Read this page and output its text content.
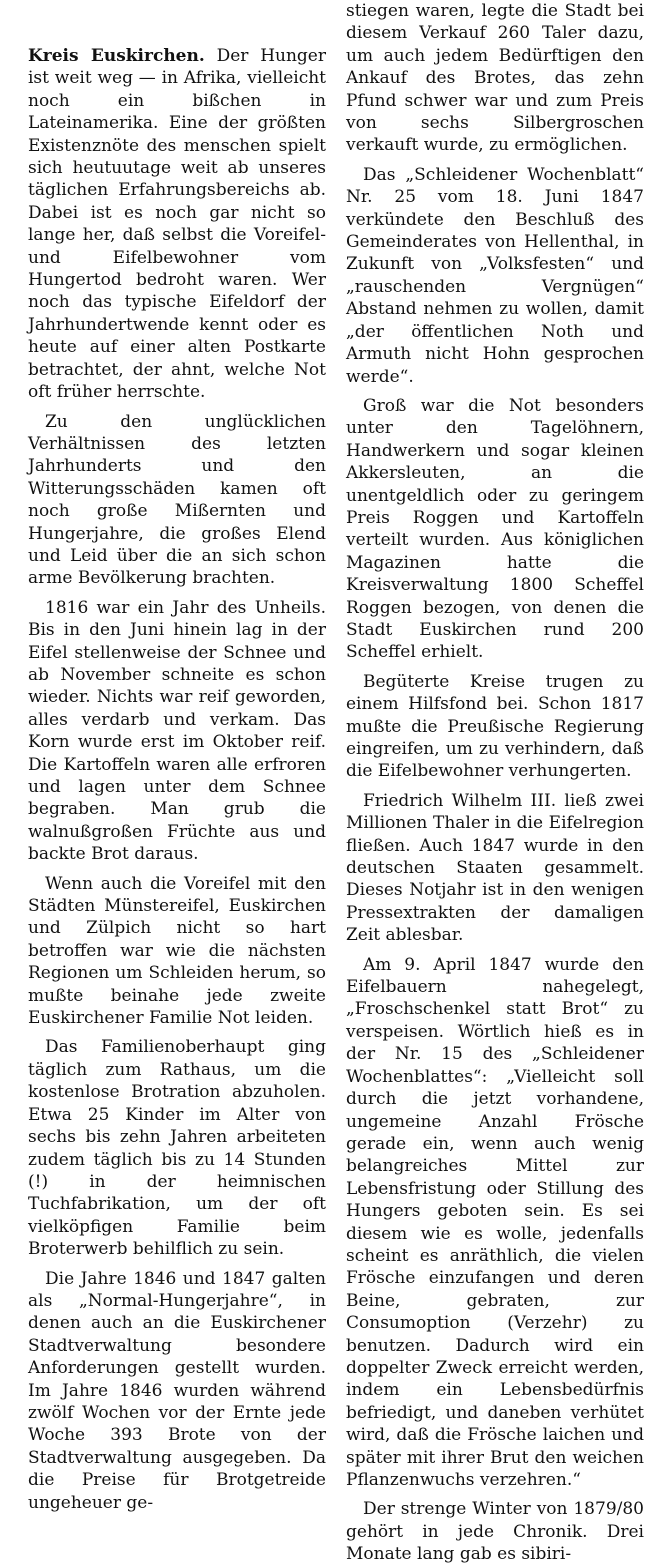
Kreis Euskirchen. Der Hunger ist weit weg — in Afrika, vielleicht noch ein bißchen in Lateinamerika. Eine der größten Existenznöte des menschen spielt sich heutuutage weit ab unseres täglichen Erfahrungsbereichs ab. Dabei ist es noch gar nicht so lange her, daß selbst die Voreifel- und Eifelbewohner vom Hungertod bedroht waren. Wer noch das typische Eifeldorf der Jahrhundertwende kennt oder es heute auf einer alten Postkarte betrachtet, der ahnt, welche Not oft früher herrschte.

Zu den unglücklichen Verhältnissen des letzten Jahrhunderts und den Witterungsschäden kamen oft noch große Mißernten und Hungerjahre, die großes Elend und Leid über die an sich schon arme Bevölkerung brachten.

1816 war ein Jahr des Unheils. Bis in den Juni hinein lag in der Eifel stellenweise der Schnee und ab November schneite es schon wieder. Nichts war reif geworden, alles verdarb und verkam. Das Korn wurde erst im Oktober reif. Die Kartoffeln waren alle erfroren und lagen unter dem Schnee begraben. Man grub die walnußgroßen Früchte aus und backte Brot daraus.

Wenn auch die Voreifel mit den Städten Münstereifel, Euskirchen und Zülpich nicht so hart betroffen war wie die nächsten Regionen um Schleiden herum, so mußte beinahe jede zweite Euskirchener Familie Not leiden.

Das Familienoberhaupt ging täglich zum Rathaus, um die kostenlose Brotration abzuholen. Etwa 25 Kinder im Alter von sechs bis zehn Jahren arbeiteten zudem täglich bis zu 14 Stunden (!) in der heimnischen Tuchfabrikation, um der oft vielköpfigen Familie beim Broterwerb behilflich zu sein.

Die Jahre 1846 und 1847 galten als „Normal-Hungerjahre“, in denen auch an die Euskirchener Stadtverwaltung besondere Anforderungen gestellt wurden. Im Jahre 1846 wurden während zwölf Wochen vor der Ernte jede Woche 393 Brote von der Stadtverwaltung ausgegeben. Da die Preise für Brotgetreide ungeheuer ge-

stiegen waren, legte die Stadt bei diesem Verkauf 260 Taler dazu, um auch jedem Bedürftigen den Ankauf des Brotes, das zehn Pfund schwer war und zum Preis von sechs Silbergroschen verkauft wurde, zu ermöglichen.

Das „Schleidener Wochenblatt“ Nr. 25 vom 18. Juni 1847 verkündete den Beschluß des Gemeinderates von Hellenthal, in Zukunft von „Volksfesten“ und „rauschenden Vergnügen“ Abstand nehmen zu wollen, damit „der öffentlichen Noth und Armuth nicht Hohn gesprochen werde“.

Groß war die Not besonders unter den Tagelöhnern, Handwerkern und sogar kleinen Akkersleuten, an die unentgeldlich oder zu geringem Preis Roggen und Kartoffeln verteilt wurden. Aus königlichen Magazinen hatte die Kreisverwaltung 1800 Scheffel Roggen bezogen, von denen die Stadt Euskirchen rund 200 Scheffel erhielt.

Begüterte Kreise trugen zu einem Hilfsfond bei. Schon 1817 mußte die Preußische Regierung eingreifen, um zu verhindern, daß die Eifelbewohner verhungerten.

Friedrich Wilhelm III. ließ zwei Millionen Thaler in die Eifelregion fließen. Auch 1847 wurde in den deutschen Staaten gesammelt. Dieses Notjahr ist in den wenigen Pressextrakten der damaligen Zeit ablesbar.

Am 9. April 1847 wurde den Eifelbauern nahegelegt, „Froschschenkel statt Brot“ zu verspeisen. Wörtlich hieß es in der Nr. 15 des „Schleidener Wochenblattes“: „Vielleicht soll durch die jetzt vorhandene, ungemeine Anzahl Frösche gerade ein, wenn auch wenig belangreiches Mittel zur Lebensfristung oder Stillung des Hungers geboten sein. Es sei diesem wie es wolle, jedenfalls scheint es anräthlich, die vielen Frösche einzufangen und deren Beine, gebraten, zur Consumoption (Verzehr) zu benutzen. Dadurch wird ein doppelter Zweck erreicht werden, indem ein Lebensbedürfnis befriedigt, und daneben verhütet wird, daß die Frösche laichen und später mit ihrer Brut den weichen Pflanzenwuchs verzehren.“

Der strenge Winter von 1879/80 gehört in jede Chronik. Drei Monate lang gab es sibiri-
